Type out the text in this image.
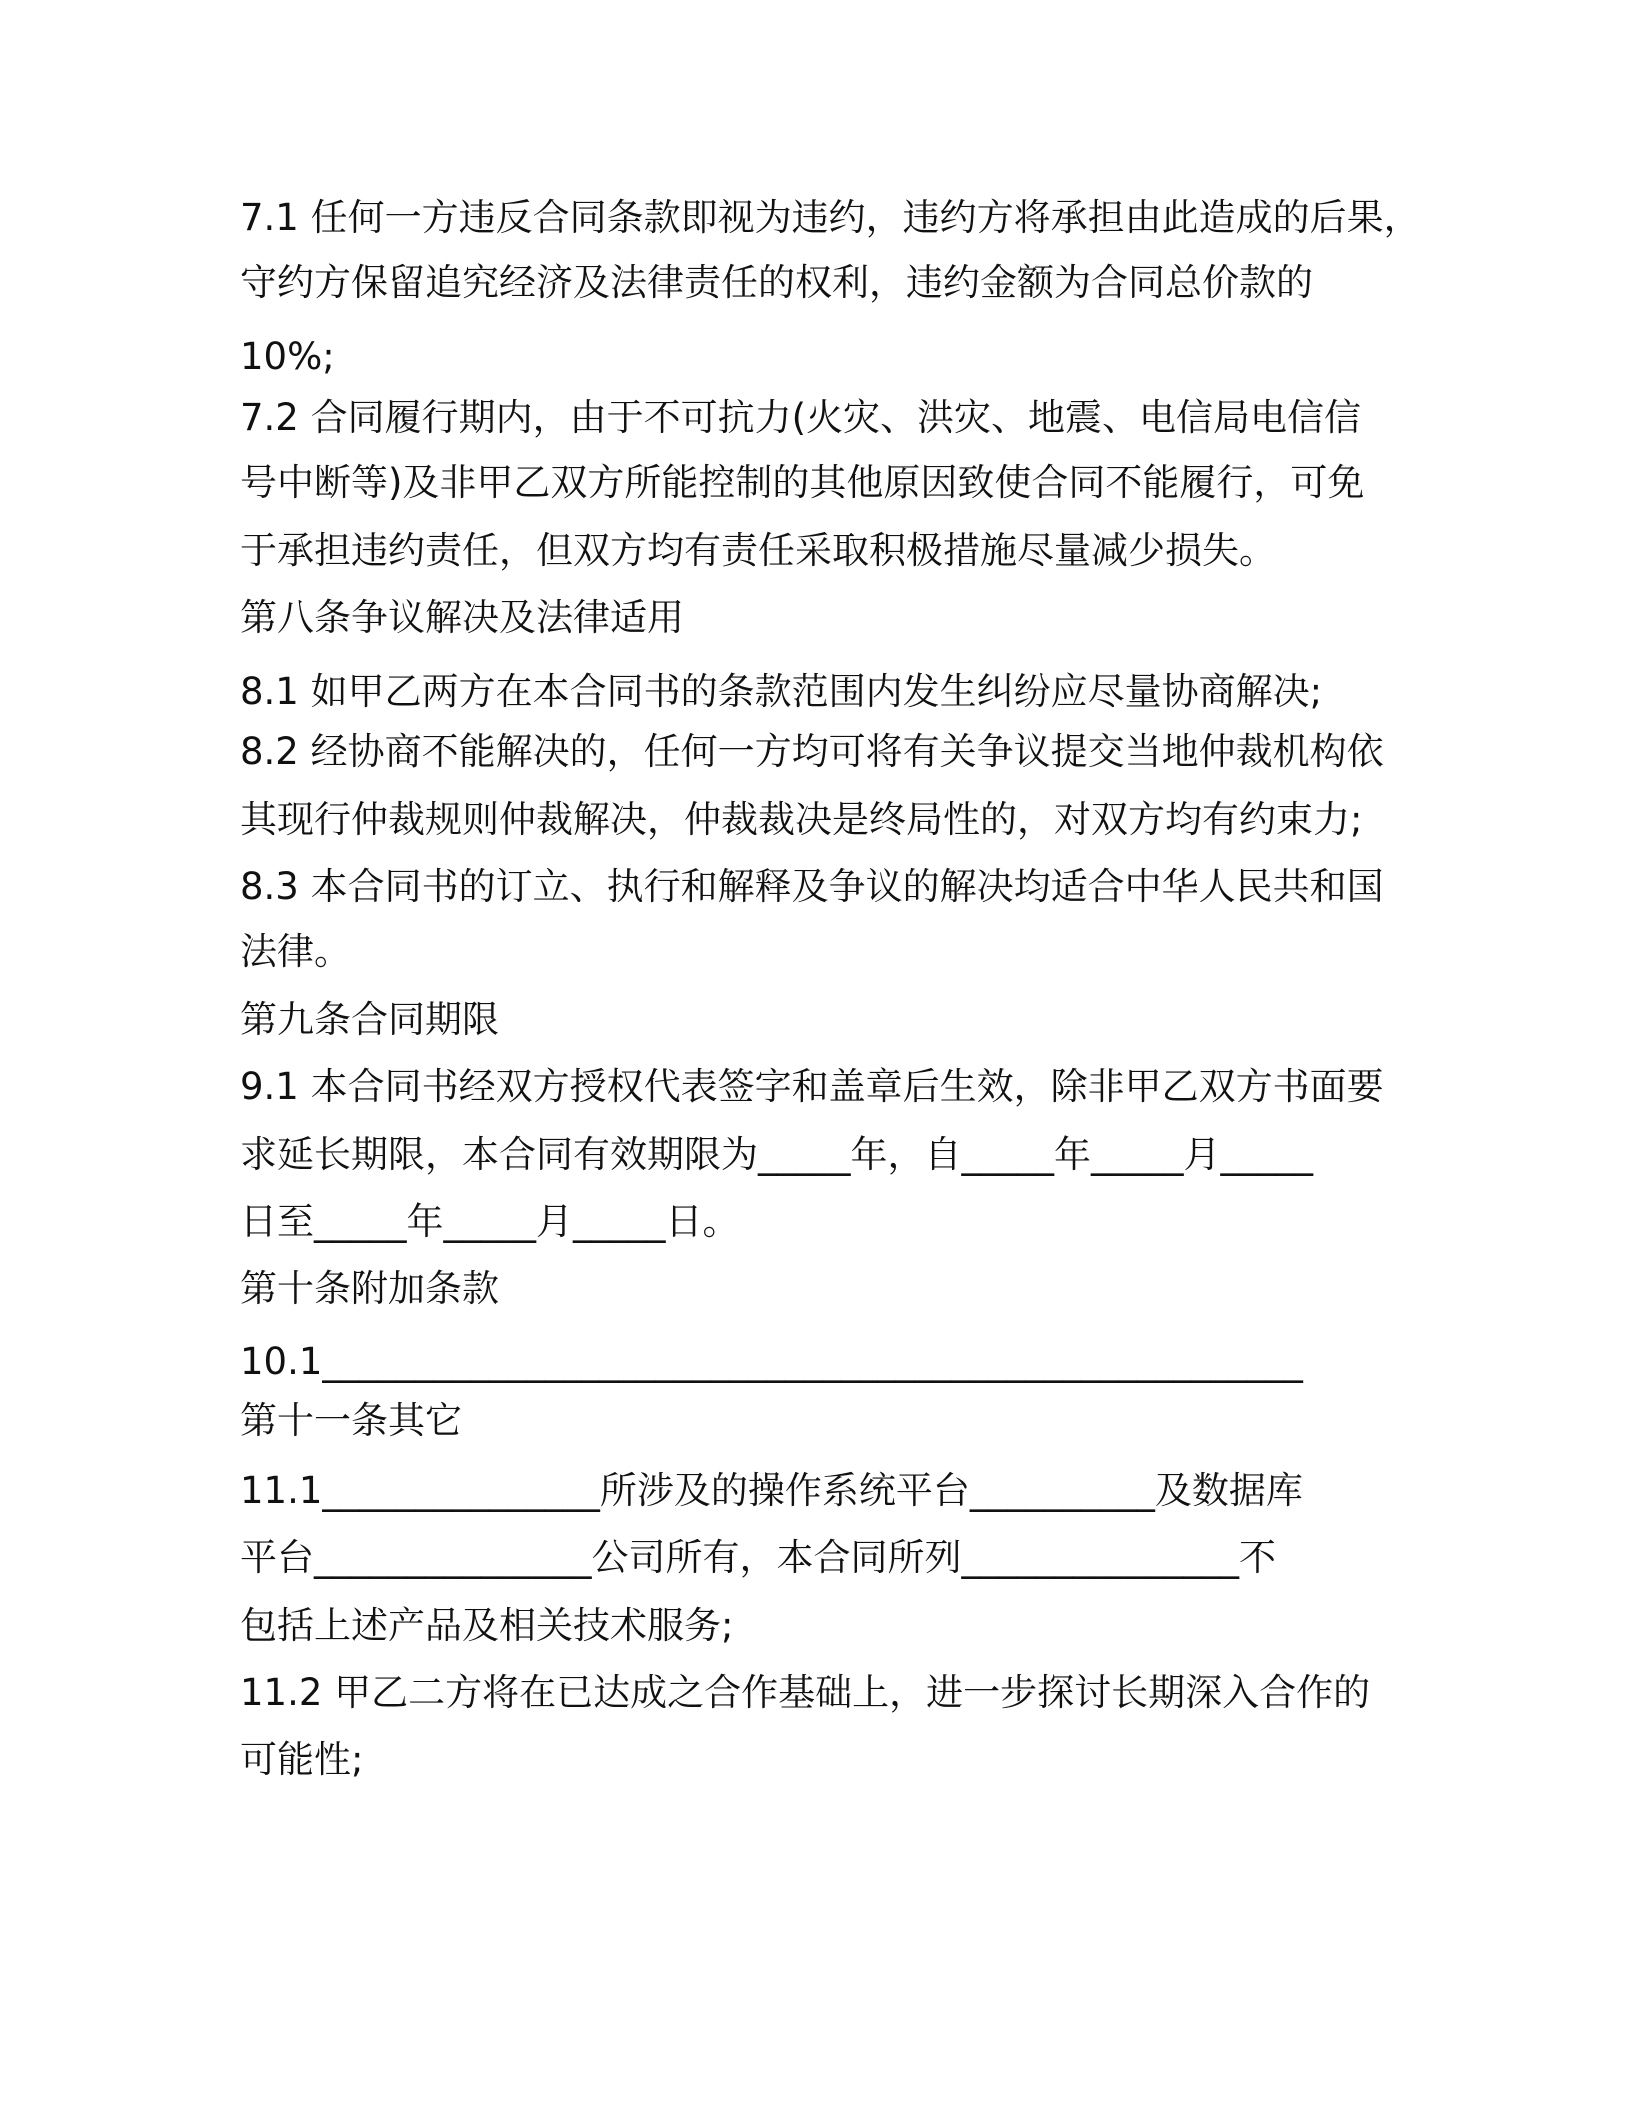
7.1 任何一方违反合同条款即视为违约，违约方将承担由此造成的后果，
守约方保留追究经济及法律责任的权利，违约金额为合同总价款的
10%;
7.2 合同履行期内，由于不可抗力(火灾、洪灾、地震、电信局电信信
号中断等)及非甲乙双方所能控制的其他原因致使合同不能履行，可免
于承担违约责任，但双方均有责任采取积极措施尽量减少损失。
第八条争议解决及法律适用
8.1 如甲乙两方在本合同书的条款范围内发生纠纷应尽量协商解决;
8.2 经协商不能解决的，任何一方均可将有关争议提交当地仲裁机构依
其现行仲裁规则仲裁解决，仲裁裁决是终局性的，对双方均有约束力;
8.3 本合同书的订立、执行和解释及争议的解决均适合中华人民共和国
法律。
第九条合同期限
9.1 本合同书经双方授权代表签字和盖章后生效，除非甲乙双方书面要
求延长期限，本合同有效期限为_____年，自_____年_____月_____
日至_____年_____月_____日。
第十条附加条款
10.1_____________________________________________________
第十一条其它
11.1_______________所涉及的操作系统平台__________及数据库
平台_______________公司所有，本合同所列_______________不
包括上述产品及相关技术服务;
11.2 甲乙二方将在已达成之合作基础上，进一步探讨长期深入合作的
可能性;
